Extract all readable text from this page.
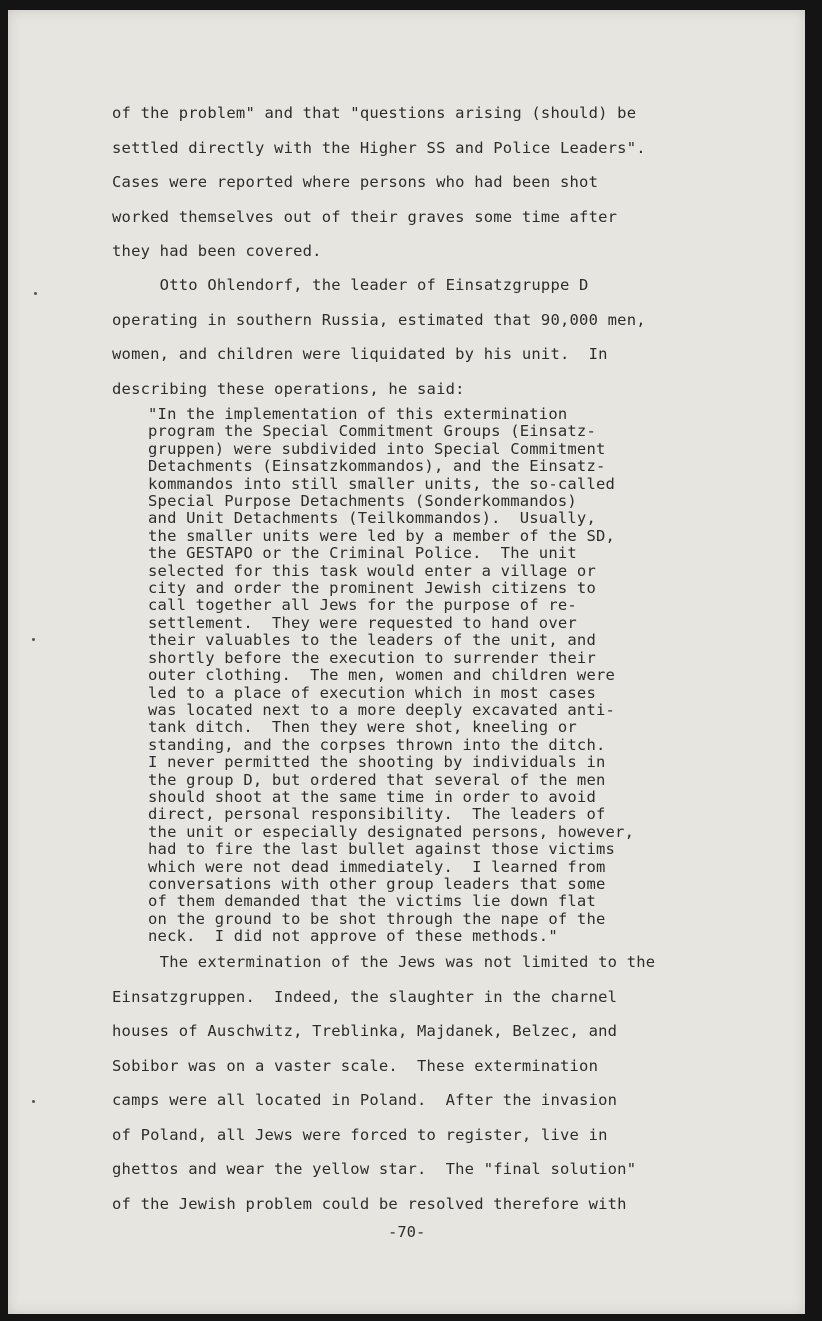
of the problem" and that "questions arising (should) be
settled directly with the Higher SS and Police Leaders".
Cases were reported where persons who had been shot
worked themselves out of their graves some time after
they had been covered.

Otto Ohlendorf, the leader of Einsatzgruppe D
operating in southern Russia, estimated that 90,000 men,
women, and children were liquidated by his unit.  In
describing these operations, he said:

"In the implementation of this extermination
program the Special Commitment Groups (Einsatz-
gruppen) were subdivided into Special Commitment
Detachments (Einsatzkommandos), and the Einsatz-
kommandos into still smaller units, the so-called
Special Purpose Detachments (Sonderkommandos)
and Unit Detachments (Teilkommandos).  Usually,
the smaller units were led by a member of the SD,
the GESTAPO or the Criminal Police.  The unit
selected for this task would enter a village or
city and order the prominent Jewish citizens to
call together all Jews for the purpose of re-
settlement.  They were requested to hand over
their valuables to the leaders of the unit, and
shortly before the execution to surrender their
outer clothing.  The men, women and children were
led to a place of execution which in most cases
was located next to a more deeply excavated anti-
tank ditch.  Then they were shot, kneeling or
standing, and the corpses thrown into the ditch.
I never permitted the shooting by individuals in
the group D, but ordered that several of the men
should shoot at the same time in order to avoid
direct, personal responsibility.  The leaders of
the unit or especially designated persons, however,
had to fire the last bullet against those victims
which were not dead immediately.  I learned from
conversations with other group leaders that some
of them demanded that the victims lie down flat
on the ground to be shot through the nape of the
neck.  I did not approve of these methods."

The extermination of the Jews was not limited to the
Einsatzgruppen.  Indeed, the slaughter in the charnel
houses of Auschwitz, Treblinka, Majdanek, Belzec, and
Sobibor was on a vaster scale.  These extermination
camps were all located in Poland.  After the invasion
of Poland, all Jews were forced to register, live in
ghettos and wear the yellow star.  The "final solution"
of the Jewish problem could be resolved therefore with

-70-
